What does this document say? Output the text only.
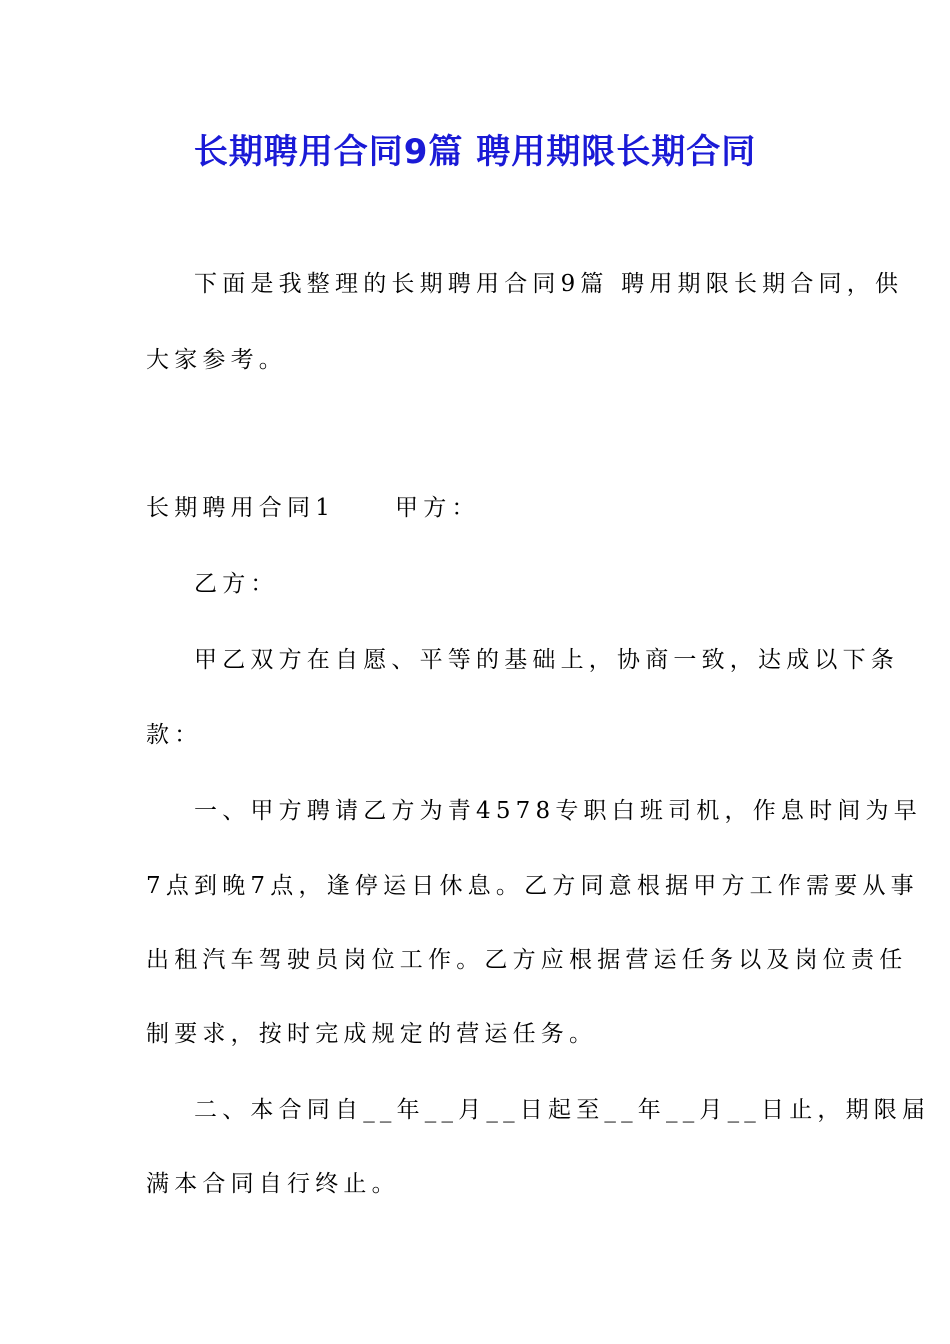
长期聘用合同9篇 聘用期限长期合同
下面是我整理的长期聘用合同9篇 聘用期限长期合同，供
大家参考。
长期聘用合同1	甲方：
乙方：
甲乙双方在自愿、平等的基础上，协商一致，达成以下条
款：
一、甲方聘请乙方为青4578专职白班司机，作息时间为早
7点到晚7点，逢停运日休息。乙方同意根据甲方工作需要从事
出租汽车驾驶员岗位工作。乙方应根据营运任务以及岗位责任
制要求，按时完成规定的营运任务。
二、本合同自__年__月__日起至__年__月__日止，期限届
满本合同自行终止。
